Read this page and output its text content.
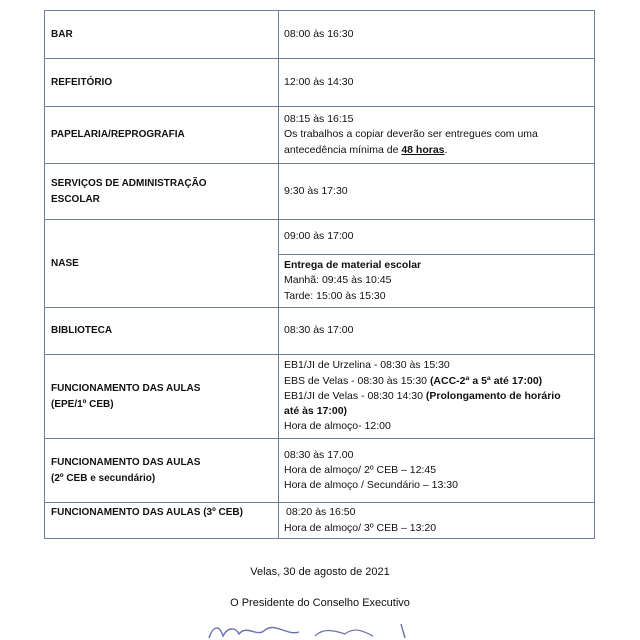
BAR	08:00 às 16:30
REFEITÓRIO	12:00 às 14:30
PAPELARIA/REPROGRAFIA	08:15 às 16:15
Os trabalhos a copiar deverão ser entregues com uma
antecedência mínima de 48 horas.

SERVIÇOS DE ADMINISTRAÇÃO
ESCOLAR	9:30 às 17:30
NASE	09:00 às 17:00

	Entrega de material escolar
Manhã: 09:45 às 10:45
Tarde: 15:00 às 15:30

BIBLIOTECA	08:30 às 17:00

FUNCIONAMENTO DAS AULAS
(EPE/1º CEB)	EB1/JI de Urzelina - 08:30 às 15:30
EBS de Velas - 08:30 às 15:30 (ACC-2ª a 5ª até 17:00)
EB1/JI de Velas - 08:30 14:30 (Prolongamento de horário
até às 17:00)
Hora de almoço- 12:00

FUNCIONAMENTO DAS AULAS
(2º CEB e secundário)	08:30 às 17.00
Hora de almoço/ 2º CEB – 12:45
Hora de almoço / Secundário – 13:30

FUNCIONAMENTO DAS AULAS (3º CEB)	08:20 às 16:50
Hora de almoço/ 3º CEB – 13:20
Velas, 30 de agosto de 2021
O Presidente do Conselho Executivo
